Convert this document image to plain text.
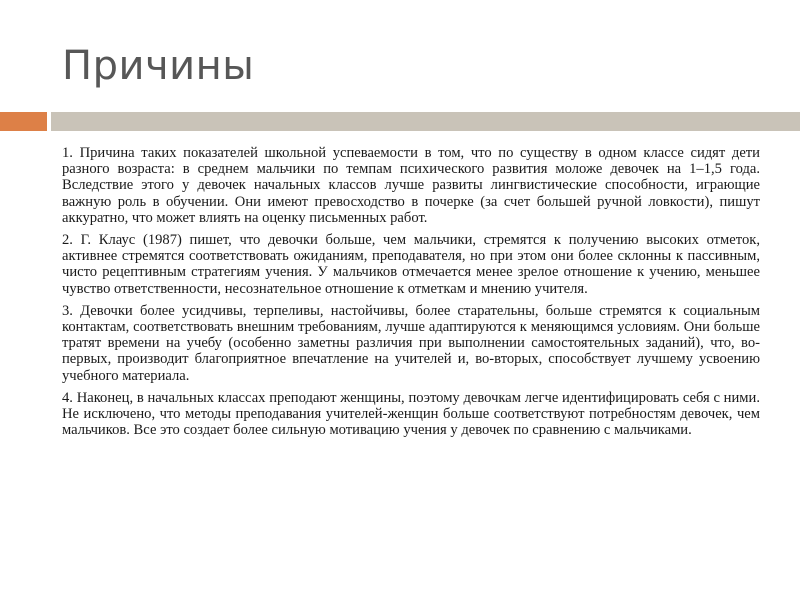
Причины

1. Причина таких показателей школьной успеваемости в том, что по существу в одном классе сидят дети разного возраста: в среднем мальчики по темпам психического развития моложе девочек на 1–1,5 года. Вследствие этого у девочек начальных классов лучше развиты лингвистические способности, играющие важную роль в обучении. Они имеют превосходство в почерке (за счет большей ручной ловкости), пишут аккуратно, что может влиять на оценку письменных работ.

2. Г. Клаус (1987) пишет, что девочки больше, чем мальчики, стремятся к получению высоких отметок, активнее стремятся соответствовать ожиданиям, преподавателя, но при этом они более склонны к пассивным, чисто рецептивным стратегиям учения. У мальчиков отмечается менее зрелое отношение к учению, меньшее чувство ответственности, несознательное отношение к отметкам и мнению учителя.

3. Девочки более усидчивы, терпеливы, настойчивы, более старательны, больше стремятся к социальным контактам, соответствовать внешним требованиям, лучше адаптируются к меняющимся условиям. Они больше тратят времени на учебу (особенно заметны различия при выполнении самостоятельных заданий), что, во-первых, производит благоприятное впечатление на учителей и, во-вторых, способствует лучшему усвоению учебного материала.

4. Наконец, в начальных классах преподают женщины, поэтому девочкам легче идентифицировать себя с ними. Не исключено, что методы преподавания учителей-женщин больше соответствуют потребностям девочек, чем мальчиков. Все это создает более сильную мотивацию учения у девочек по сравнению с мальчиками.
